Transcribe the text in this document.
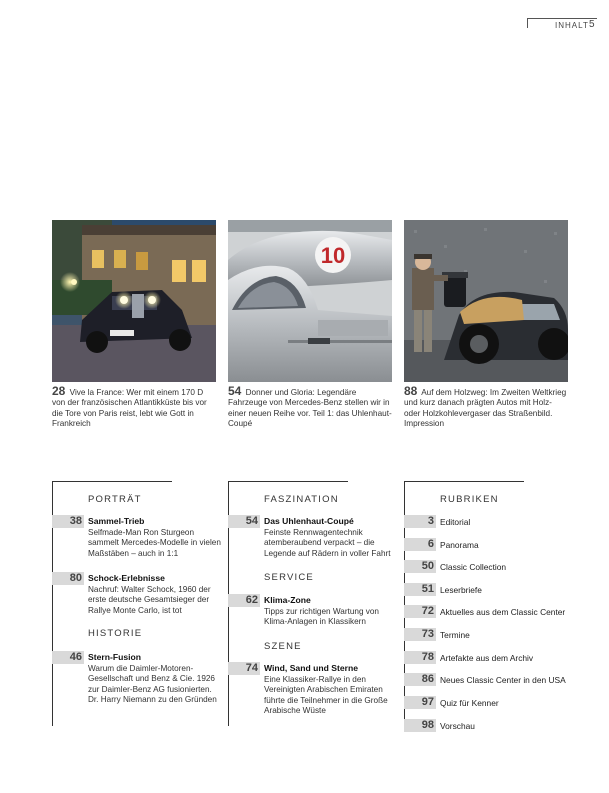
INHALT 5
28 Vive la France: Wer mit einem 170 D von der französischen Atlantikküste bis vor die Tore von Paris reist, lebt wie Gott in Frankreich
10
54 Donner und Gloria: Legendäre Fahrzeuge von Mercedes-Benz stellen wir in einer neuen Reihe vor. Teil 1: das Uhlenhaut-Coupé
88 Auf dem Holzweg: Im Zweiten Weltkrieg und kurz danach prägten Autos mit Holz- oder Holzkohlevergaser das Straßenbild. Impression
PORTRÄT
38 Sammel-Trieb
Selfmade-Man Ron Sturgeon sammelt Mercedes-Modelle in vielen Maßstäben – auch in 1:1
80 Schock-Erlebnisse
Nachruf: Walter Schock, 1960 der erste deutsche Gesamtsieger der Rallye Monte Carlo, ist tot
HISTORIE
46 Stern-Fusion
Warum die Daimler-Motoren-Gesellschaft und Benz & Cie. 1926 zur Daimler-Benz AG fusionierten. Dr. Harry Niemann zu den Gründen
FASZINATION
54 Das Uhlenhaut-Coupé
Feinste Rennwagentechnik atemberaubend verpackt – die Legende auf Rädern in voller Fahrt
SERVICE
62 Klima-Zone
Tipps zur richtigen Wartung von Klima-Anlagen in Klassikern
SZENE
74 Wind, Sand und Sterne
Eine Klassiker-Rallye in den Vereinigten Arabischen Emiraten führte die Teilnehmer in die Große Arabische Wüste
RUBRIKEN
3 Editorial
6 Panorama
50 Classic Collection
51 Leserbriefe
72 Aktuelles aus dem Classic Center
73 Termine
78 Artefakte aus dem Archiv
86 Neues Classic Center in den USA
97 Quiz für Kenner
98 Vorschau
